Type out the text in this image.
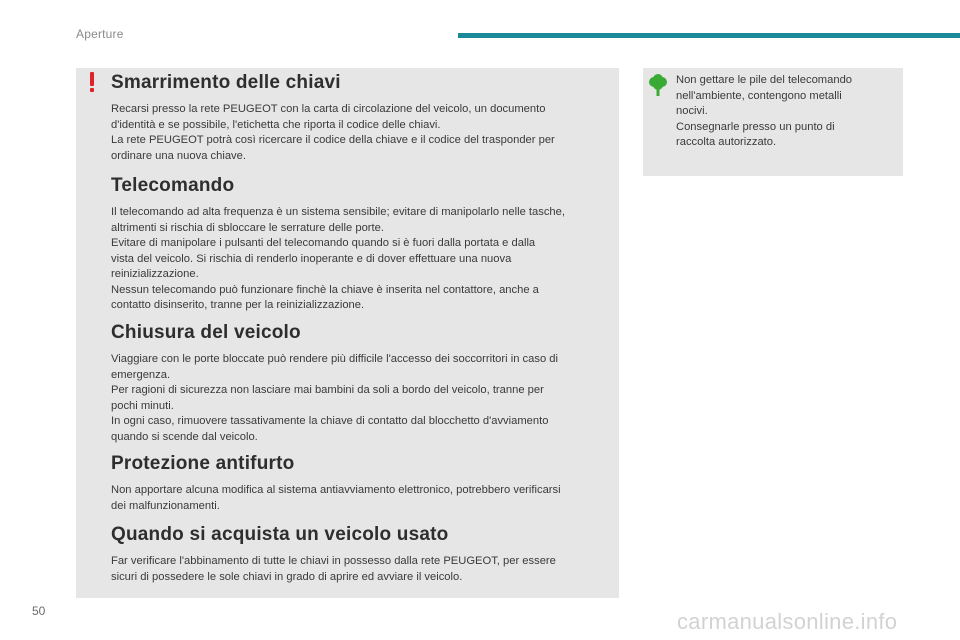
Aperture
Smarrimento delle chiavi

Recarsi presso la rete PEUGEOT con la carta di circolazione del veicolo, un documento
d'identità e se possibile, l'etichetta che riporta il codice delle chiavi.
La rete PEUGEOT potrà così ricercare il codice della chiave e il codice del trasponder per
ordinare una nuova chiave.

Telecomando

Il telecomando ad alta frequenza è un sistema sensibile; evitare di manipolarlo nelle tasche,
altrimenti si rischia di sbloccare le serrature delle porte.
Evitare di manipolare i pulsanti del telecomando quando si è fuori dalla portata e dalla
vista del veicolo. Si rischia di renderlo inoperante e di dover effettuare una nuova
reinizializzazione.
Nessun telecomando può funzionare finchè la chiave è inserita nel contattore, anche a
contatto disinserito, tranne per la reinizializzazione.

Chiusura del veicolo

Viaggiare con le porte bloccate può rendere più difficile l'accesso dei soccorritori in caso di
emergenza.
Per ragioni di sicurezza non lasciare mai bambini da soli a bordo del veicolo, tranne per
pochi minuti.
In ogni caso, rimuovere tassativamente la chiave di contatto dal blocchetto d'avviamento
quando si scende dal veicolo.

Protezione antifurto

Non apportare alcuna modifica al sistema antiavviamento elettronico, potrebbero verificarsi
dei malfunzionamenti.

Quando si acquista un veicolo usato

Far verificare l'abbinamento di tutte le chiavi in possesso dalla rete PEUGEOT, per essere
sicuri di possedere le sole chiavi in grado di aprire ed avviare il veicolo.

Non gettare le pile del telecomando
nell'ambiente, contengono metalli
nocivi.
Consegnarle presso un punto di
raccolta autorizzato.
50	carmanualsonline.info
